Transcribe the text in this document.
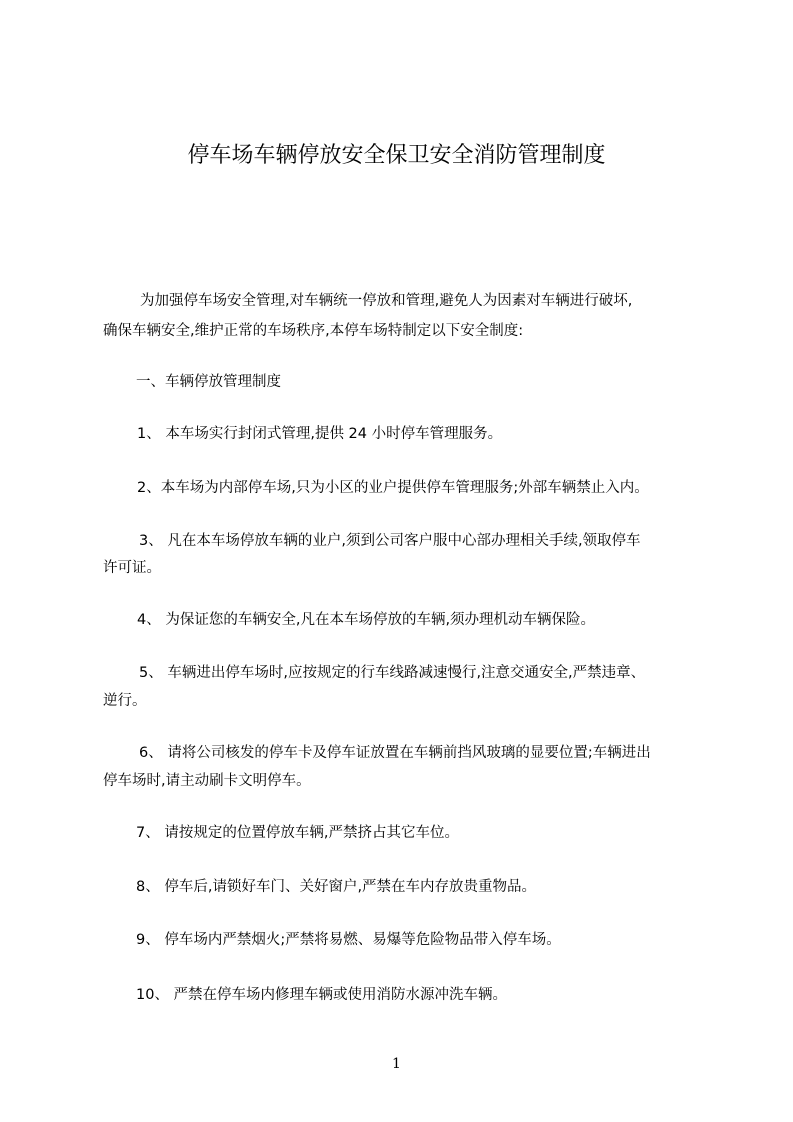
停车场车辆停放安全保卫安全消防管理制度
为加强停车场安全管理,对车辆统一停放和管理,避免人为因素对车辆进行破坏,
确保车辆安全,维护正常的车场秩序,本停车场特制定以下安全制度:
一、车辆停放管理制度
1、 本车场实行封闭式管理,提供 24 小时停车管理服务。
2、本车场为内部停车场,只为小区的业户提供停车管理服务;外部车辆禁止入内。
3、 凡在本车场停放车辆的业户,须到公司客户服中心部办理相关手续,领取停车
许可证。
4、 为保证您的车辆安全,凡在本车场停放的车辆,须办理机动车辆保险。
5、 车辆进出停车场时,应按规定的行车线路减速慢行,注意交通安全,严禁违章、
逆行。
6、 请将公司核发的停车卡及停车证放置在车辆前挡风玻璃的显要位置;车辆进出
停车场时,请主动刷卡文明停车。
7、 请按规定的位置停放车辆,严禁挤占其它车位。
8、 停车后,请锁好车门、关好窗户,严禁在车内存放贵重物品。
9、 停车场内严禁烟火;严禁将易燃、易爆等危险物品带入停车场。
10、 严禁在停车场内修理车辆或使用消防水源冲洗车辆。
1
